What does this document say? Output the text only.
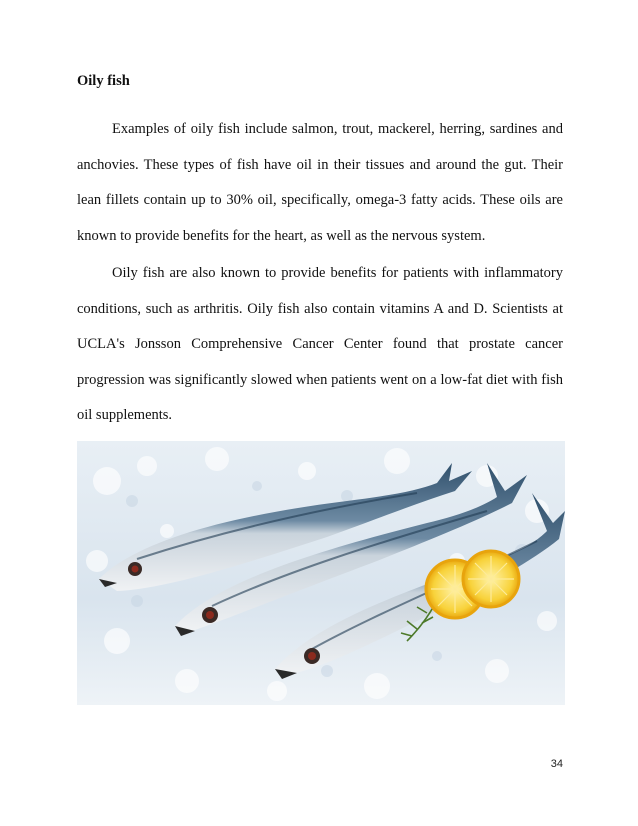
Oily fish

Examples of oily fish include salmon, trout, mackerel, herring, sardines and anchovies. These types of fish have oil in their tissues and around the gut. Their lean fillets contain up to 30% oil, specifically, omega-3 fatty acids. These oils are known to provide benefits for the heart, as well as the nervous system.

Oily fish are also known to provide benefits for patients with inflammatory conditions, such as arthritis. Oily fish also contain vitamins A and D. Scientists at UCLA's Jonsson Comprehensive Cancer Center found that prostate cancer progression was significantly slowed when patients went on a low-fat diet with fish oil supplements.

34
